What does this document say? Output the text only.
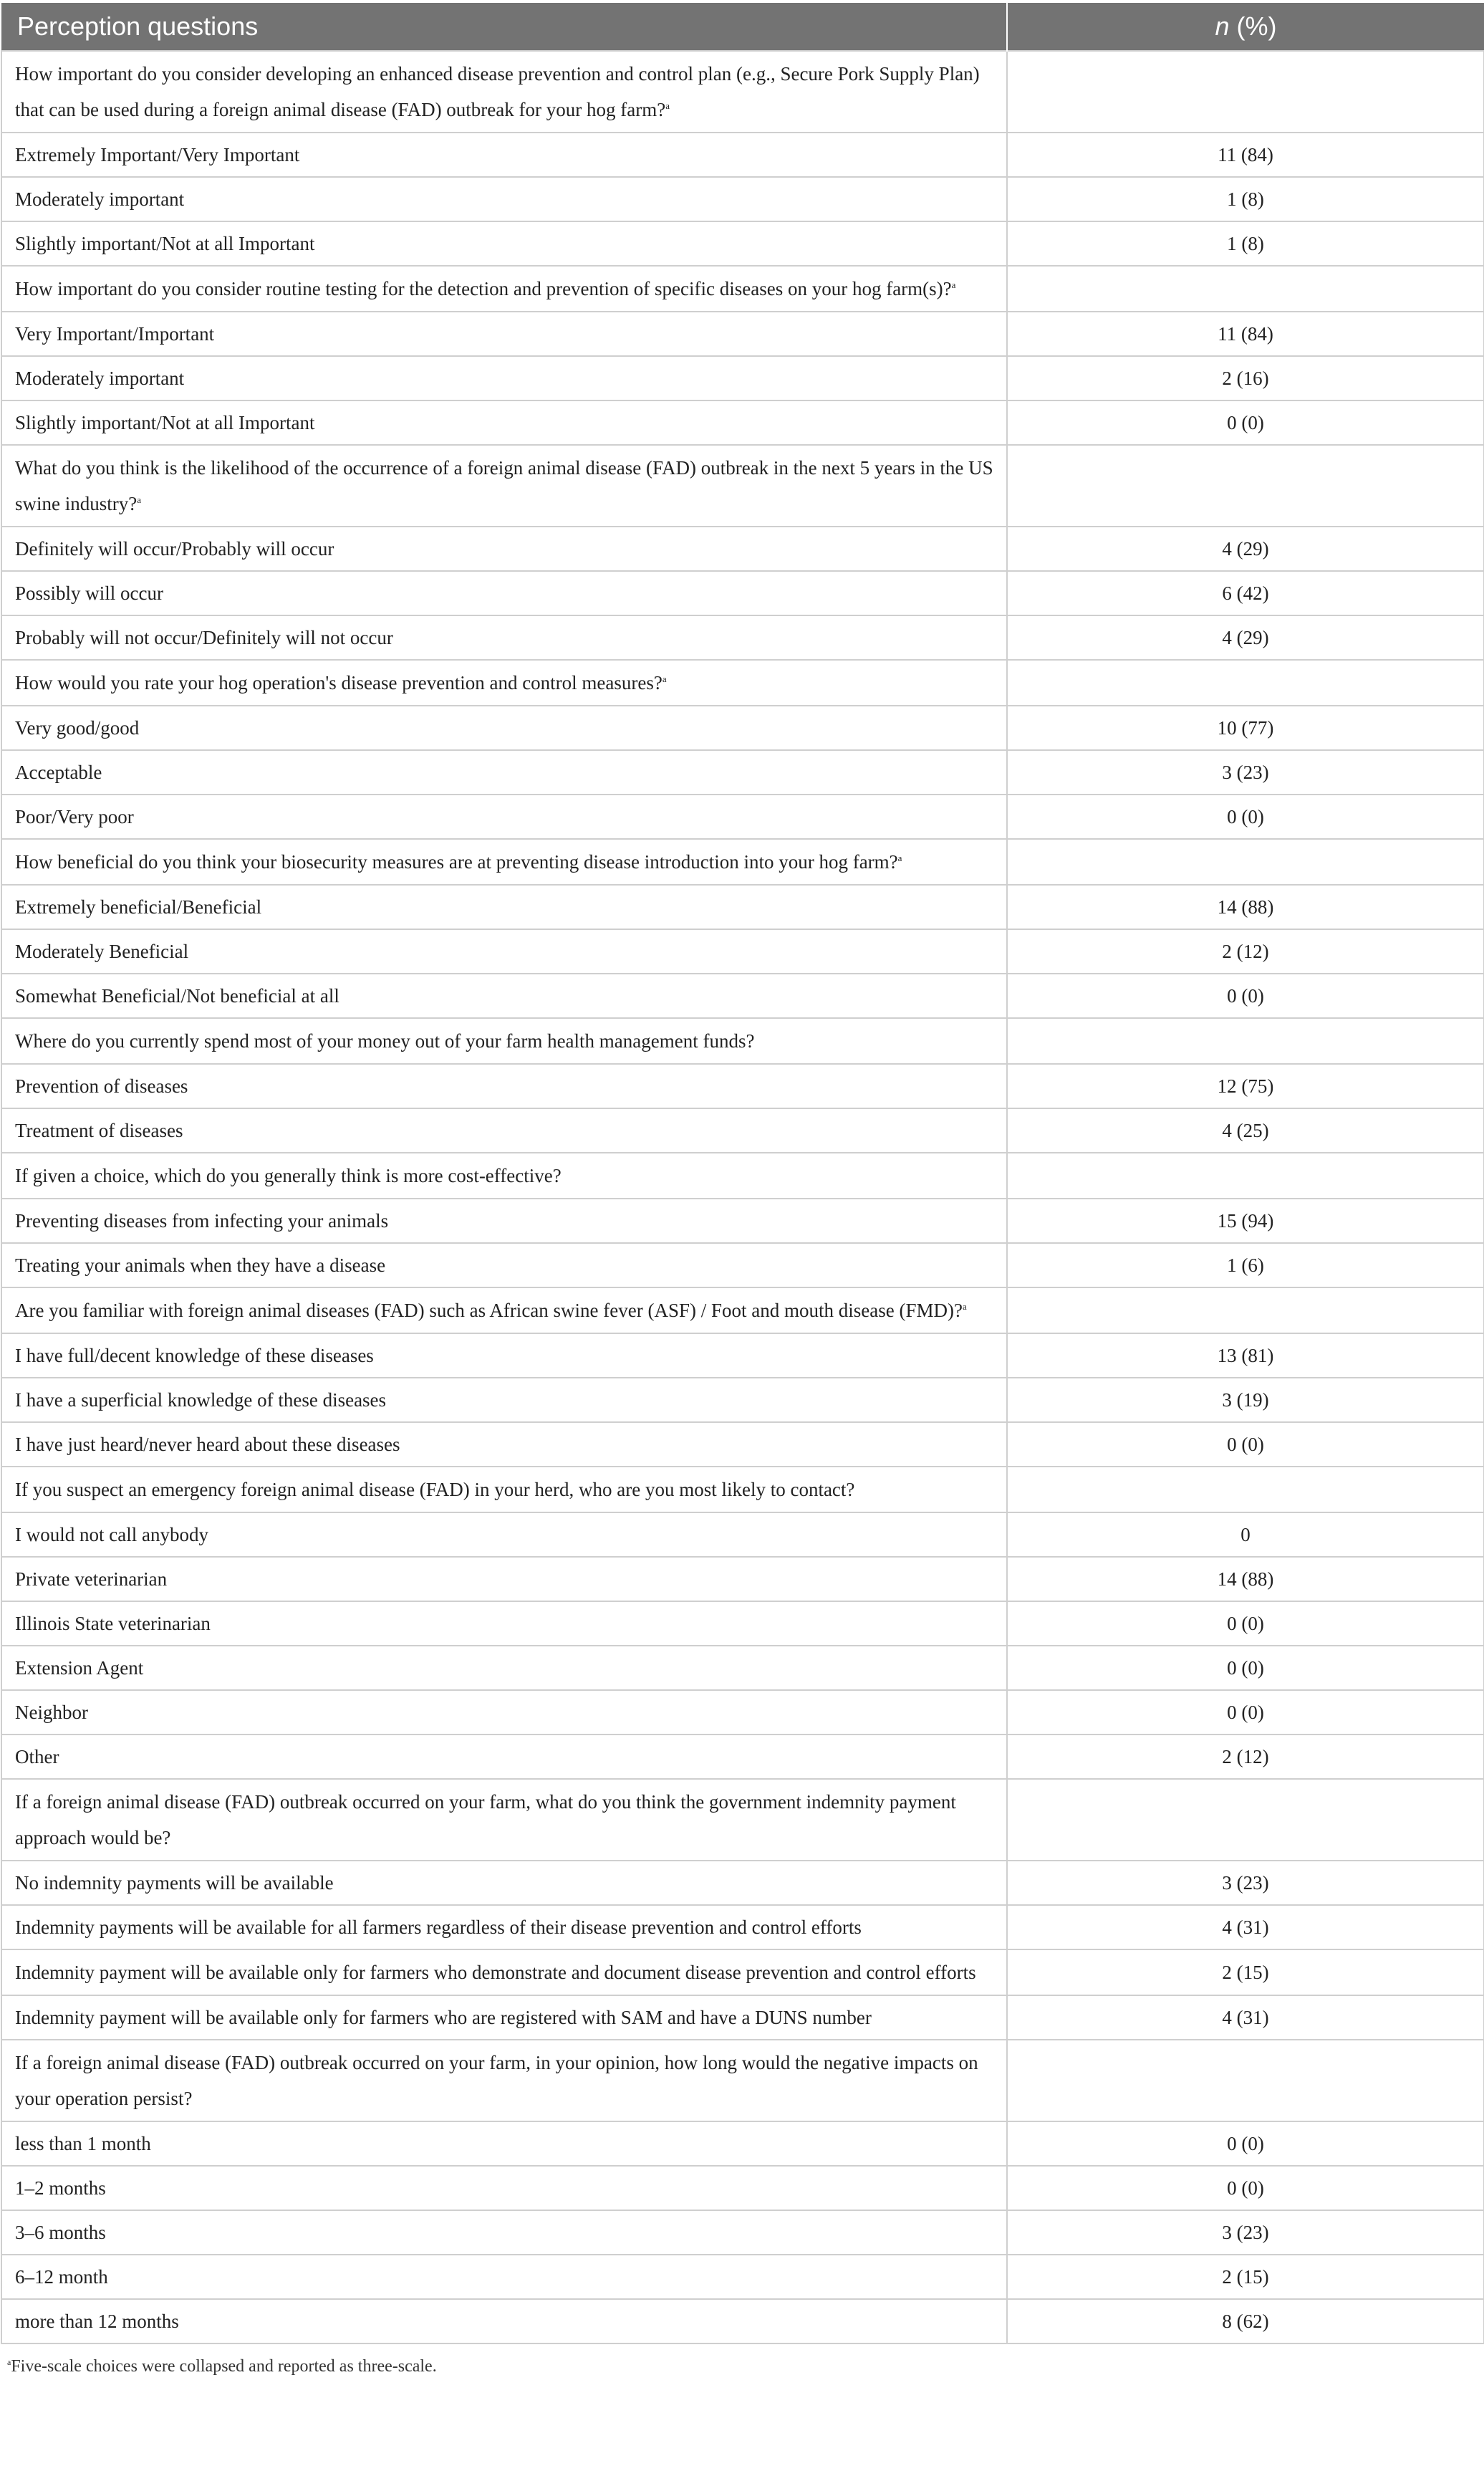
Perception questions	n (%)
How important do you consider developing an enhanced disease prevention and control plan (e.g., Secure Pork Supply Plan) that can be used during a foreign animal disease (FAD) outbreak for your hog farm?$^a$	
Extremely Important/Very Important	11 (84)
Moderately important	1 (8)
Slightly important/Not at all Important	1 (8)
How important do you consider routine testing for the detection and prevention of specific diseases on your hog farm(s)?$^a$	
Very Important/Important	11 (84)
Moderately important	2 (16)
Slightly important/Not at all Important	0 (0)
What do you think is the likelihood of the occurrence of a foreign animal disease (FAD) outbreak in the next 5 years in the US swine industry?$^a$	
Definitely will occur/Probably will occur	4 (29)
Possibly will occur	6 (42)
Probably will not occur/Definitely will not occur	4 (29)
How would you rate your hog operation's disease prevention and control measures?$^a$	
Very good/good	10 (77)
Acceptable	3 (23)
Poor/Very poor	0 (0)
How beneficial do you think your biosecurity measures are at preventing disease introduction into your hog farm?$^a$	
Extremely beneficial/Beneficial	14 (88)
Moderately Beneficial	2 (12)
Somewhat Beneficial/Not beneficial at all	0 (0)
Where do you currently spend most of your money out of your farm health management funds?	
Prevention of diseases	12 (75)
Treatment of diseases	4 (25)
If given a choice, which do you generally think is more cost-effective?	
Preventing diseases from infecting your animals	15 (94)
Treating your animals when they have a disease	1 (6)
Are you familiar with foreign animal diseases (FAD) such as African swine fever (ASF) / Foot and mouth disease (FMD)?$^a$	
I have full/decent knowledge of these diseases	13 (81)
I have a superficial knowledge of these diseases	3 (19)
I have just heard/never heard about these diseases	0 (0)
If you suspect an emergency foreign animal disease (FAD) in your herd, who are you most likely to contact?	
I would not call anybody	0
Private veterinarian	14 (88)
Illinois State veterinarian	0 (0)
Extension Agent	0 (0)
Neighbor	0 (0)
Other	2 (12)
If a foreign animal disease (FAD) outbreak occurred on your farm, what do you think the government indemnity payment approach would be?	
No indemnity payments will be available	3 (23)
Indemnity payments will be available for all farmers regardless of their disease prevention and control efforts	4 (31)
Indemnity payment will be available only for farmers who demonstrate and document disease prevention and control efforts	2 (15)
Indemnity payment will be available only for farmers who are registered with SAM and have a DUNS number	4 (31)
If a foreign animal disease (FAD) outbreak occurred on your farm, in your opinion, how long would the negative impacts on your operation persist?	
less than 1 month	0 (0)
1–2 months	0 (0)
3–6 months	3 (23)
6–12 month	2 (15)
more than 12 months	8 (62)
$^a$Five-scale choices were collapsed and reported as three-scale.
